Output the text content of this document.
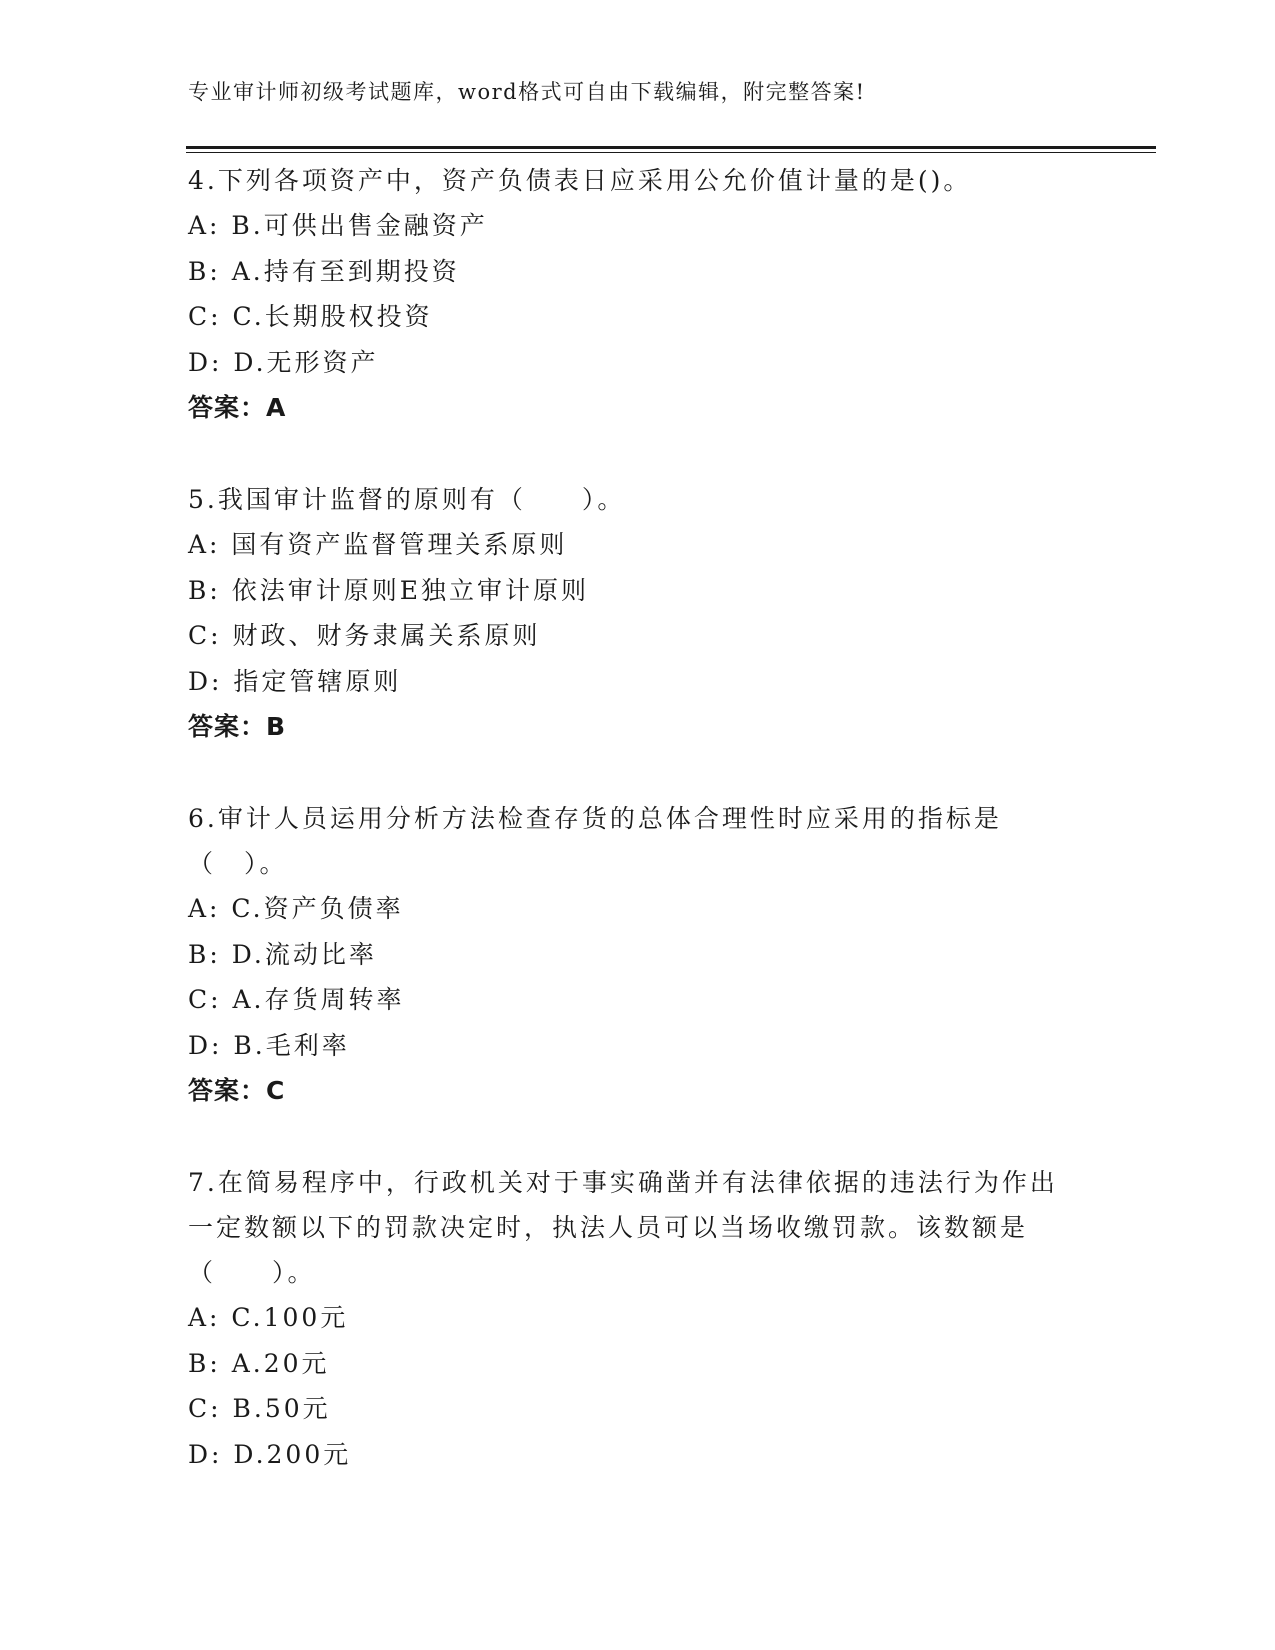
专业审计师初级考试题库，word格式可自由下载编辑，附完整答案!
4.下列各项资产中，资产负债表日应采用公允价值计量的是()。
A: B.可供出售金融资产
B: A.持有至到期投资
C: C.长期股权投资
D: D.无形资产
答案：A
5.我国审计监督的原则有（　　）。
A: 国有资产监督管理关系原则
B: 依法审计原则E独立审计原则
C: 财政、财务隶属关系原则
D: 指定管辖原则
答案：B
6.审计人员运用分析方法检查存货的总体合理性时应采用的指标是（　）。
A: C.资产负债率
B: D.流动比率
C: A.存货周转率
D: B.毛利率
答案：C
7.在简易程序中，行政机关对于事实确凿并有法律依据的违法行为作出一定数额以下的罚款决定时，执法人员可以当场收缴罚款。该数额是（　　）。
A: C.100元
B: A.20元
C: B.50元
D: D.200元
